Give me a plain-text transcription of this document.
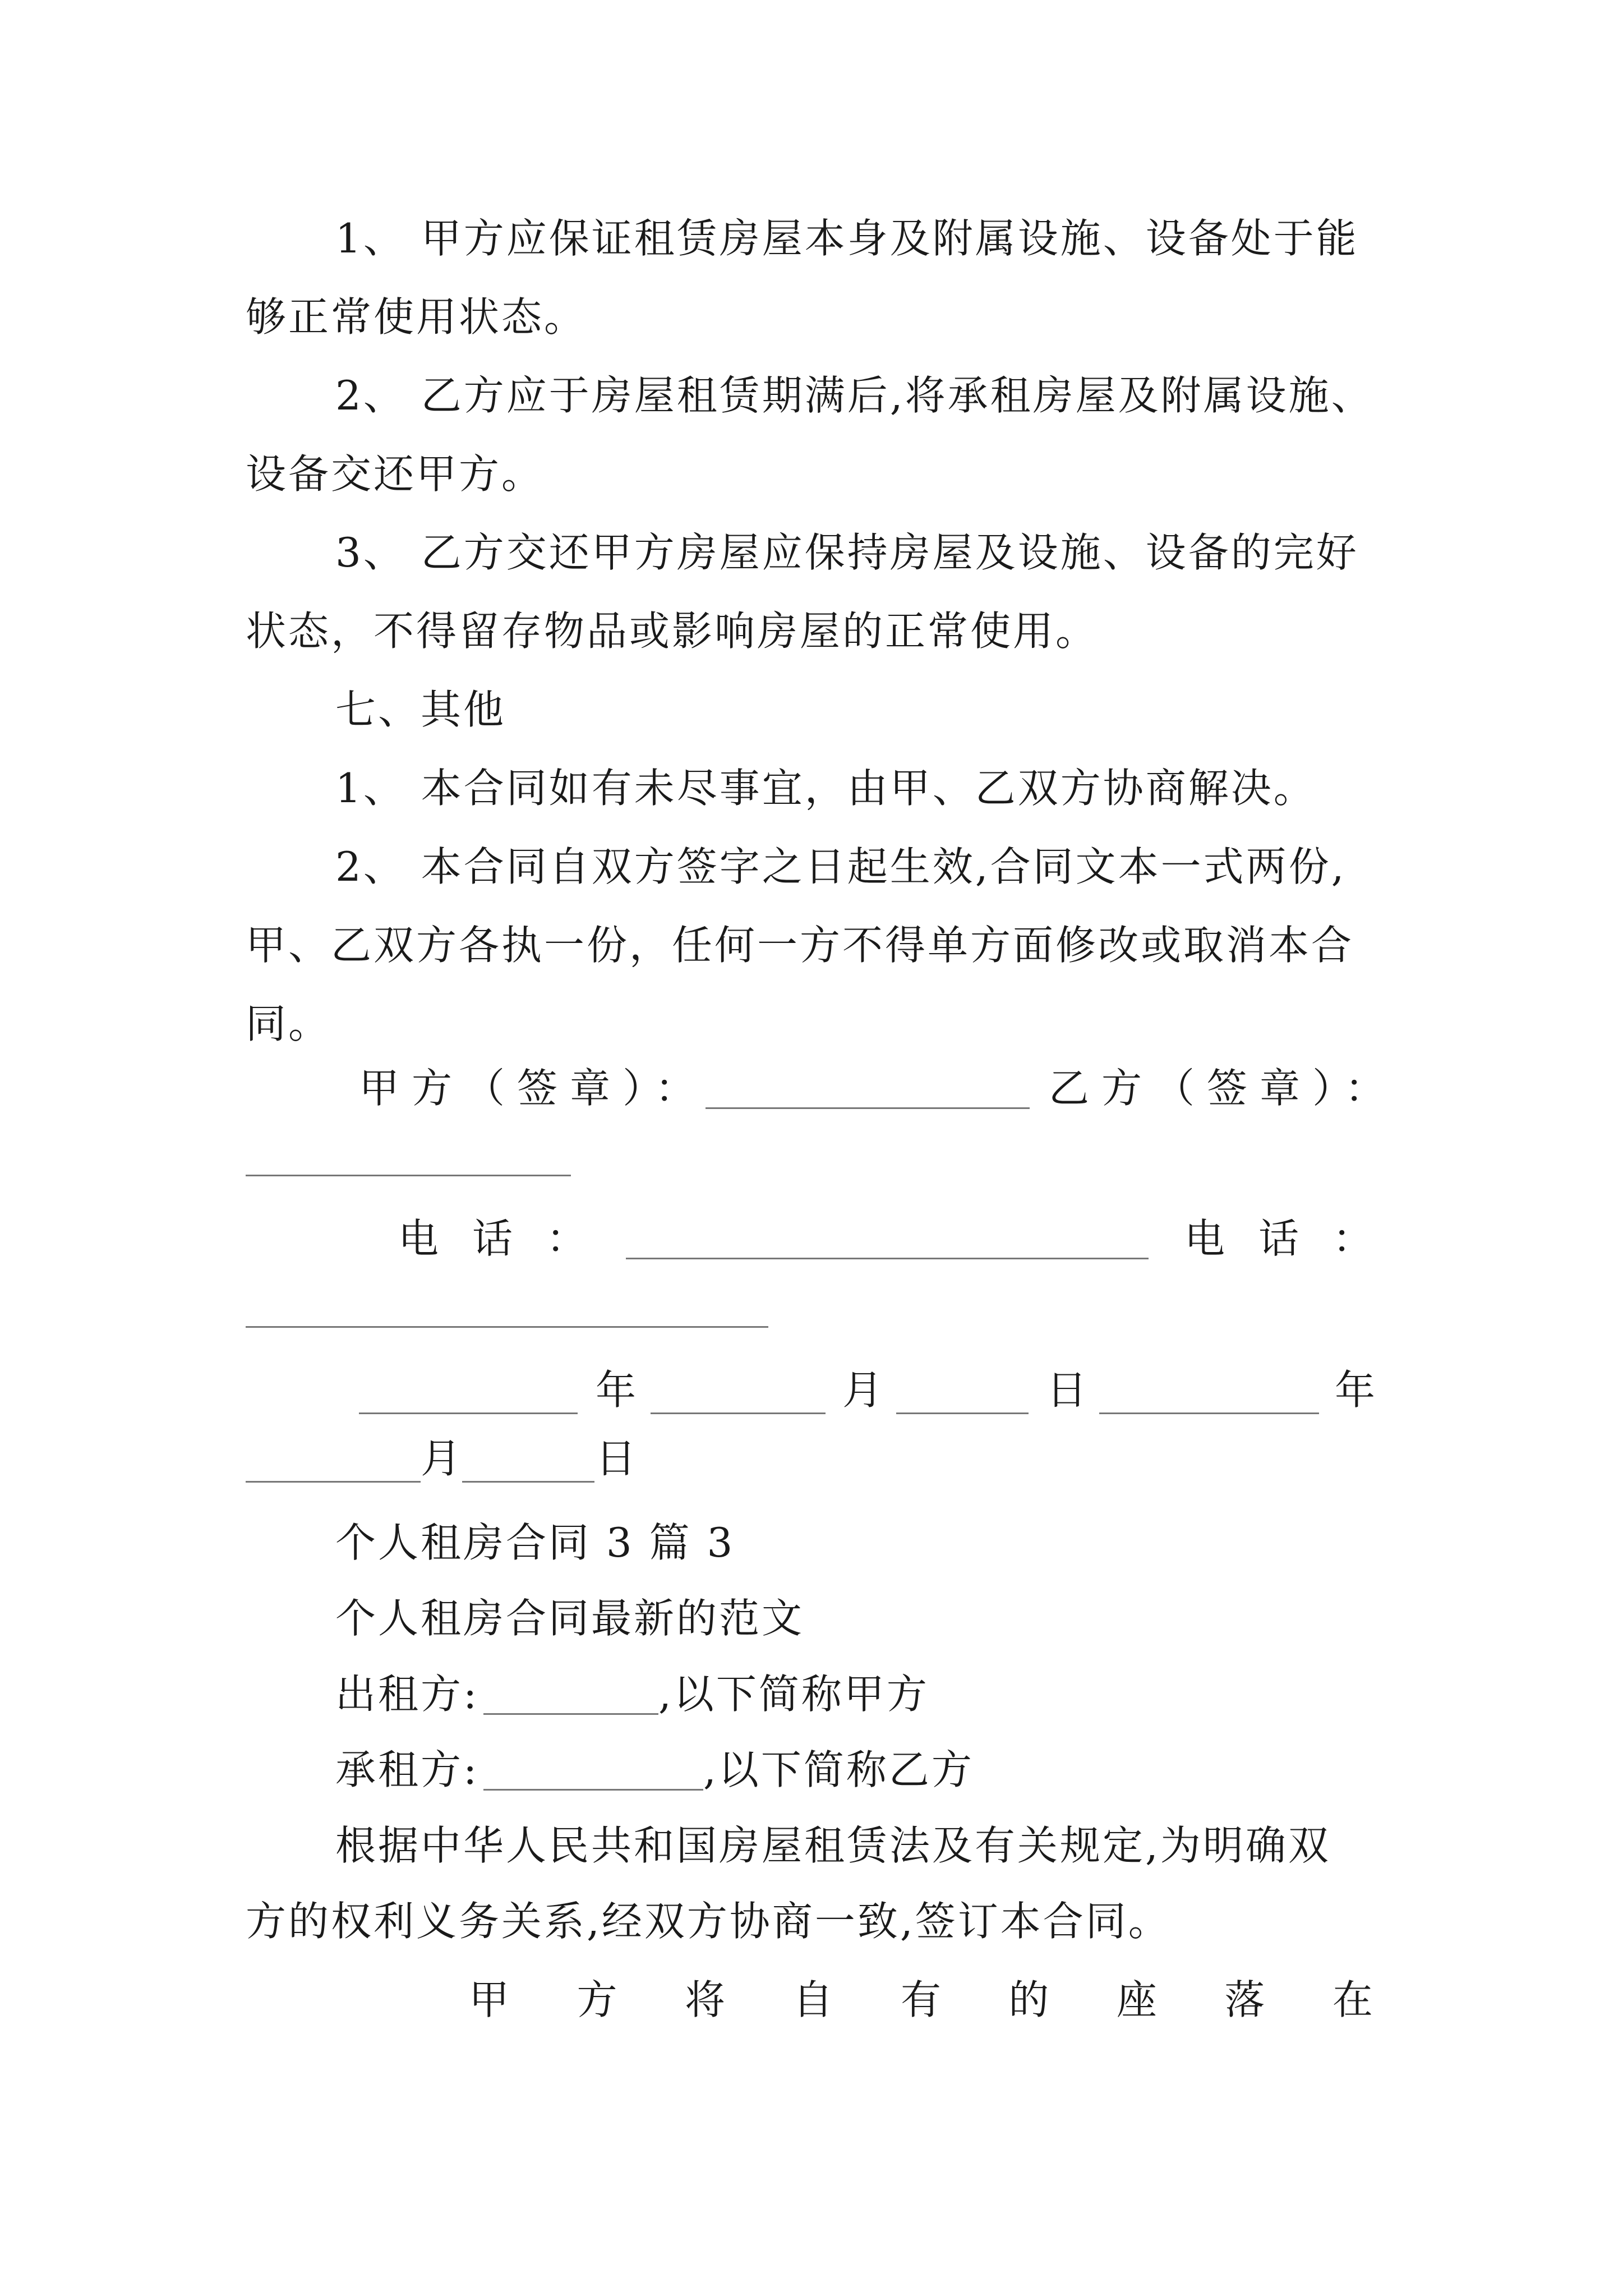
1、 甲方应保证租赁房屋本身及附属设施、设备处于能
够正常使用状态。
2、 乙方应于房屋租赁期满后,将承租房屋及附属设施、
设备交还甲方。
3、 乙方交还甲方房屋应保持房屋及设施、设备的完好
状态，不得留存物品或影响房屋的正常使用。
七、其他
1、 本合同如有未尽事宜，由甲、乙双方协商解决。
2、 本合同自双方签字之日起生效,合同文本一式两份,
甲、乙双方各执一份，任何一方不得单方面修改或取消本合
同。
甲方（签章）：	乙方（签章）：
电话：	电话：
年	月	日	年
月	日
个人租房合同 3 篇 3
个人租房合同最新的范文
出租方:	,以下简称甲方
承租方:	,以下简称乙方
根据中华人民共和国房屋租赁法及有关规定,为明确双
方的权利义务关系,经双方协商一致,签订本合同。
甲 方 将 自 有 的 座 落 在
